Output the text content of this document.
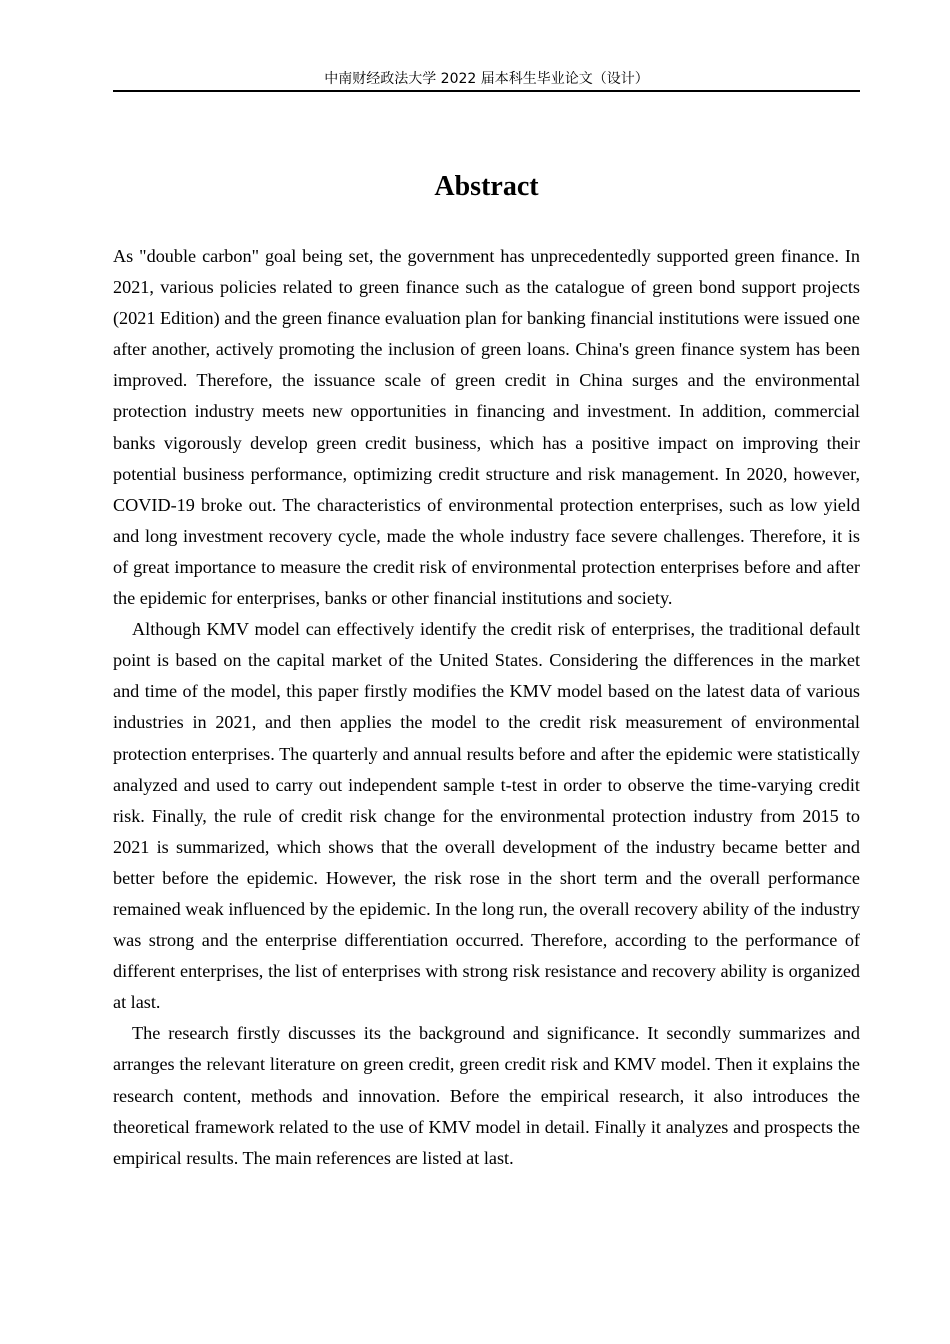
中南财经政法大学 2022 届本科生毕业论文（设计）
Abstract

As "double carbon" goal being set, the government has unprecedentedly supported green finance. In 2021, various policies related to green finance such as the catalogue of green bond support projects (2021 Edition) and the green finance evaluation plan for banking financial institutions were issued one after another, actively promoting the inclusion of green loans. China's green finance system has been improved. Therefore, the issuance scale of green credit in China surges and the environmental protection industry meets new opportunities in financing and investment. In addition, commercial banks vigorously develop green credit business, which has a positive impact on improving their potential business performance, optimizing credit structure and risk management. In 2020, however, COVID-19 broke out. The characteristics of environmental protection enterprises, such as low yield and long investment recovery cycle, made the whole industry face severe challenges. Therefore, it is of great importance to measure the credit risk of environmental protection enterprises before and after the epidemic for enterprises, banks or other financial institutions and society.

Although KMV model can effectively identify the credit risk of enterprises, the traditional default point is based on the capital market of the United States. Considering the differences in the market and time of the model, this paper firstly modifies the KMV model based on the latest data of various industries in 2021, and then applies the model to the credit risk measurement of environmental protection enterprises. The quarterly and annual results before and after the epidemic were statistically analyzed and used to carry out independent sample t-test in order to observe the time-varying credit risk. Finally, the rule of credit risk change for the environmental protection industry from 2015 to 2021 is summarized, which shows that the overall development of the industry became better and better before the epidemic. However, the risk rose in the short term and the overall performance remained weak influenced by the epidemic. In the long run, the overall recovery ability of the industry was strong and the enterprise differentiation occurred. Therefore, according to the performance of different enterprises, the list of enterprises with strong risk resistance and recovery ability is organized at last.

The research firstly discusses its the background and significance. It secondly summarizes and arranges the relevant literature on green credit, green credit risk and KMV model. Then it explains the research content, methods and innovation. Before the empirical research, it also introduces the theoretical framework related to the use of KMV model in detail. Finally it analyzes and prospects the empirical results. The main references are listed at last.
